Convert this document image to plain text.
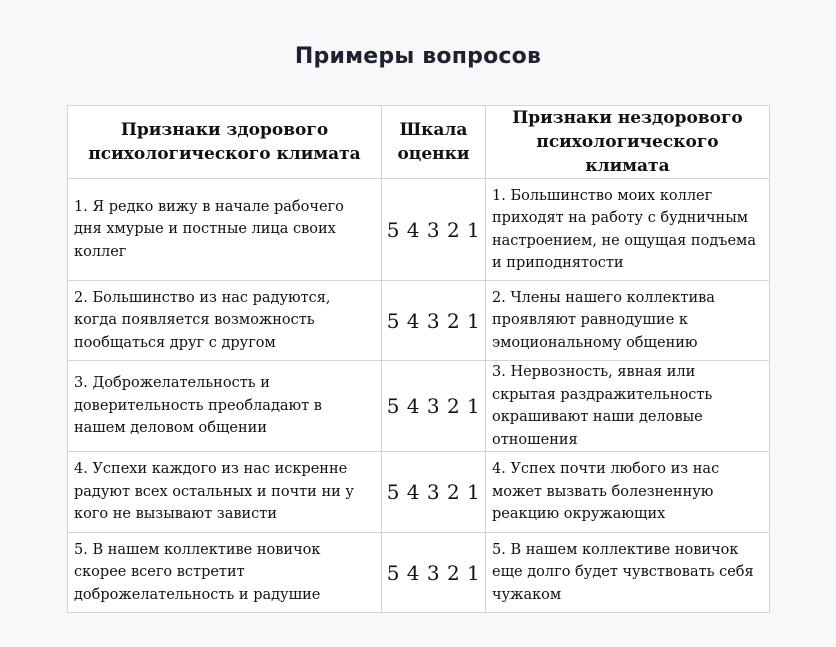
Примеры вопросов
Признаки здорового психологического климата	Шкала оценки	Признаки нездорового психологического климата
1. Я редко вижу в начале рабочего дня хмурые и постные лица своих коллег	5 4 3 2 1	1. Большинство моих коллег приходят на работу с будничным настроением, не ощущая подъема и приподнятости
2. Большинство из нас радуются, когда появляется возможность пообщаться друг с другом	5 4 3 2 1	2. Члены нашего коллектива проявляют равнодушие к эмоциональному общению
3. Доброжелательность и доверительность преобладают в нашем деловом общении	5 4 3 2 1	3. Нервозность, явная или скрытая раздражительность окрашивают наши деловые отношения
4. Успехи каждого из нас искренне радуют всех остальных и почти ни у кого не вызывают зависти	5 4 3 2 1	4. Успех почти любого из нас может вызвать болезненную реакцию окружающих
5. В нашем коллективе новичок скорее всего встретит доброжелательность и радушие	5 4 3 2 1	5. В нашем коллективе новичок еще долго будет чувствовать себя чужаком
